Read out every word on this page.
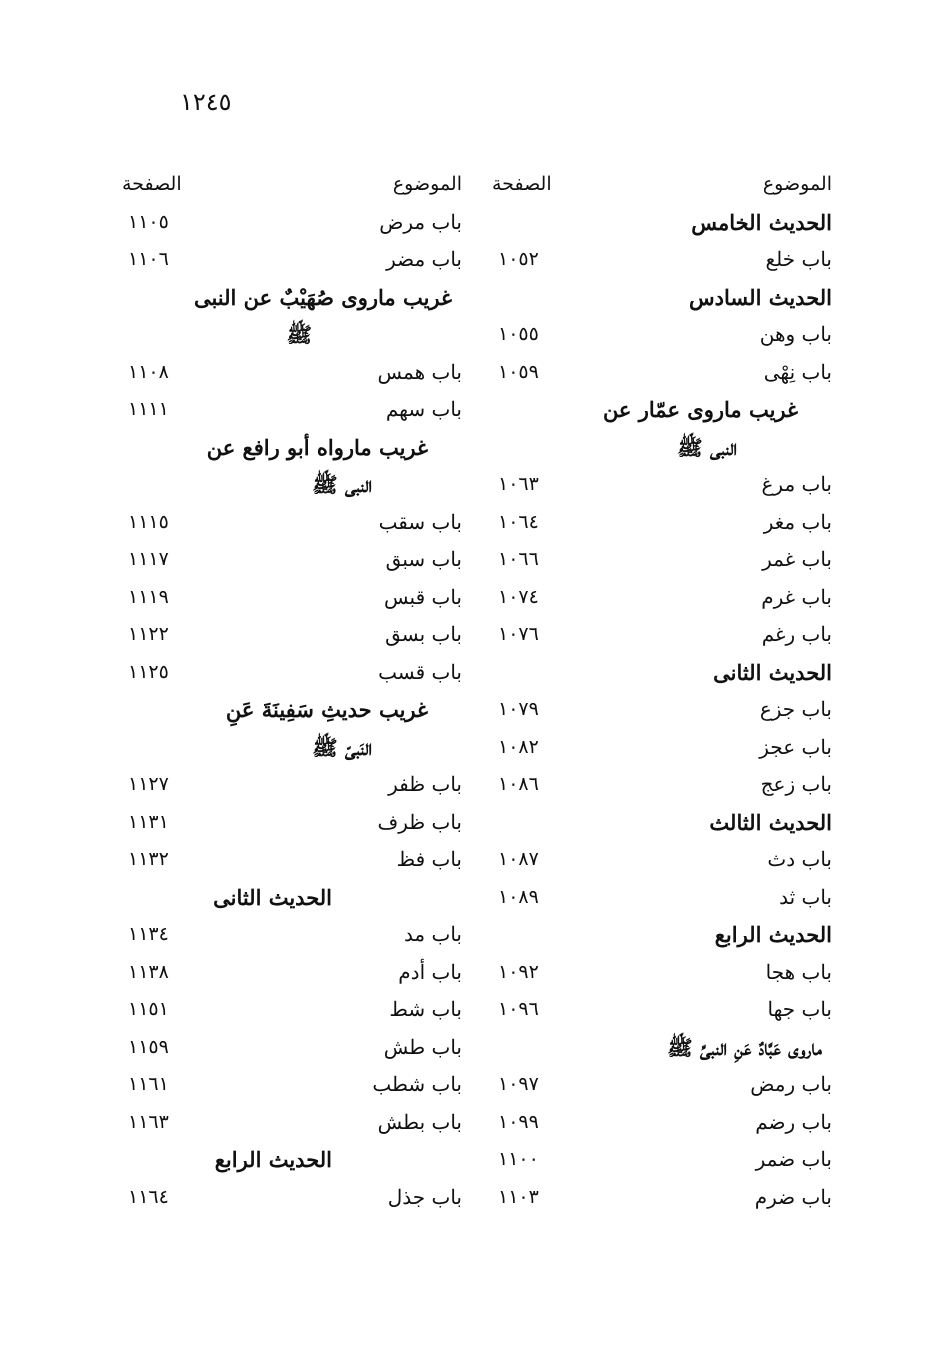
١٢٤٥
الموضوع
الصفحة
الحديث الخامس
باب خلع
١٠٥٢
الحديث السادس
باب وهن
١٠٥٥
باب نِهْى
١٠٥٩
غريب ماروى عمّار عن
النبى ﷺ
باب مرغ
١٠٦٣
باب مغر
١٠٦٤
باب غمر
١٠٦٦
باب غرم
١٠٧٤
باب رغم
١٠٧٦
الحديث الثانى
باب جزع
١٠٧٩
باب عجز
١٠٨٢
باب زعج
١٠٨٦
الحديث الثالث
باب دث
١٠٨٧
باب ثد
١٠٨٩
الحديث الرابع
باب هجا
١٠٩٢
باب جها
١٠٩٦
ماروى عَبَّادٌ عَنِ النبىِّ ﷺ
باب رمض
١٠٩٧
باب رضم
١٠٩٩
باب ضمر
١١٠٠
باب ضرم
١١٠٣
الموضوع
الصفحة
باب مرض
١١٠٥
باب مضر
١١٠٦
غريب ماروى صُهَيْبٌ عن النبى
ﷺ
باب همس
١١٠٨
باب سهم
١١١١
غريب مارواه أبو رافع عن
النبى ﷺ
باب سقب
١١١٥
باب سبق
١١١٧
باب قبس
١١١٩
باب بسق
١١٢٢
باب قسب
١١٢٥
غريب حديثِ سَفِينَةَ عَنِ
النَبىّ ﷺ
باب ظفر
١١٢٧
باب ظرف
١١٣١
باب فظ
١١٣٢
الحديث الثانى
باب مد
١١٣٤
باب أدم
١١٣٨
باب شط
١١٥١
باب طش
١١٥٩
باب شطب
١١٦١
باب بطش
١١٦٣
الحديث الرابع
باب جذل
١١٦٤
